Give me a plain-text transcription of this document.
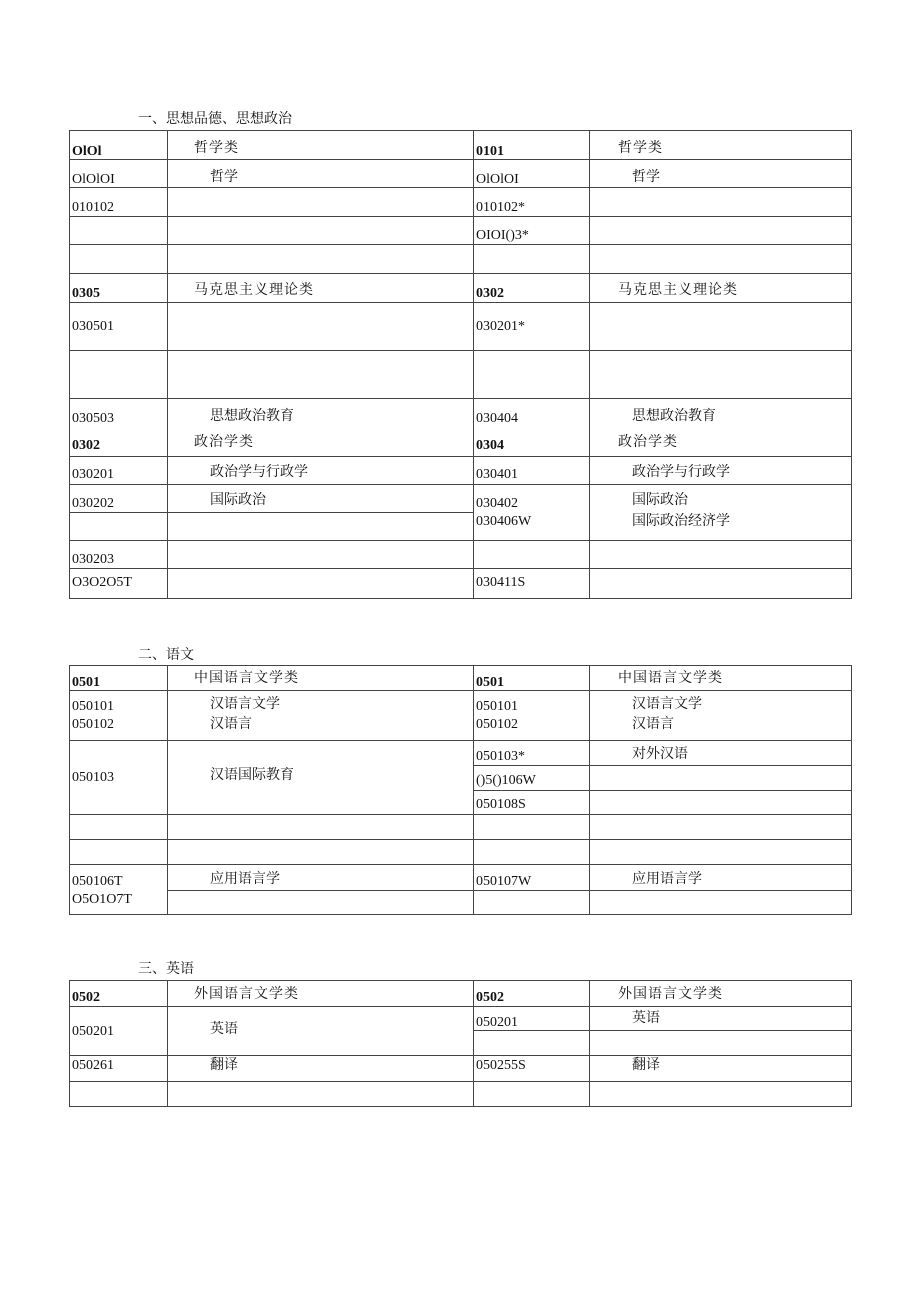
一、思想品德、思想政治
OlOl	哲学类	0101	哲学类

OlOlOI	哲学	OlOlOI	哲学

010102		010102*	

		OIOI()3*	

0305	马克思主义理论类	0302	马克思主义理论类

030501		030201*	

030503	思想政治教育	030404	思想政治教育

0302	政治学类	0304	政治学类

030201	政治学与行政学	030401	政治学与行政学

030202	国际政治	030402	国际政治

		030406W	国际政治经济学

030203			

O3O2O5T		030411S	

二、语文
0501	中国语言文学类	0501	中国语言文学类

050101	汉语言文学	050101	汉语言文学

050102	汉语言	050102	汉语言

050103	汉语国际教育	050103*	对外汉语

		()5()106W	

		050108S	

050106T	应用语言学	050107W	应用语言学

O5O1O7T			

三、英语
0502	外国语言文学类	0502	外国语言文学类

050201	英语	050201	英语

050261	翻译	050255S	翻译
